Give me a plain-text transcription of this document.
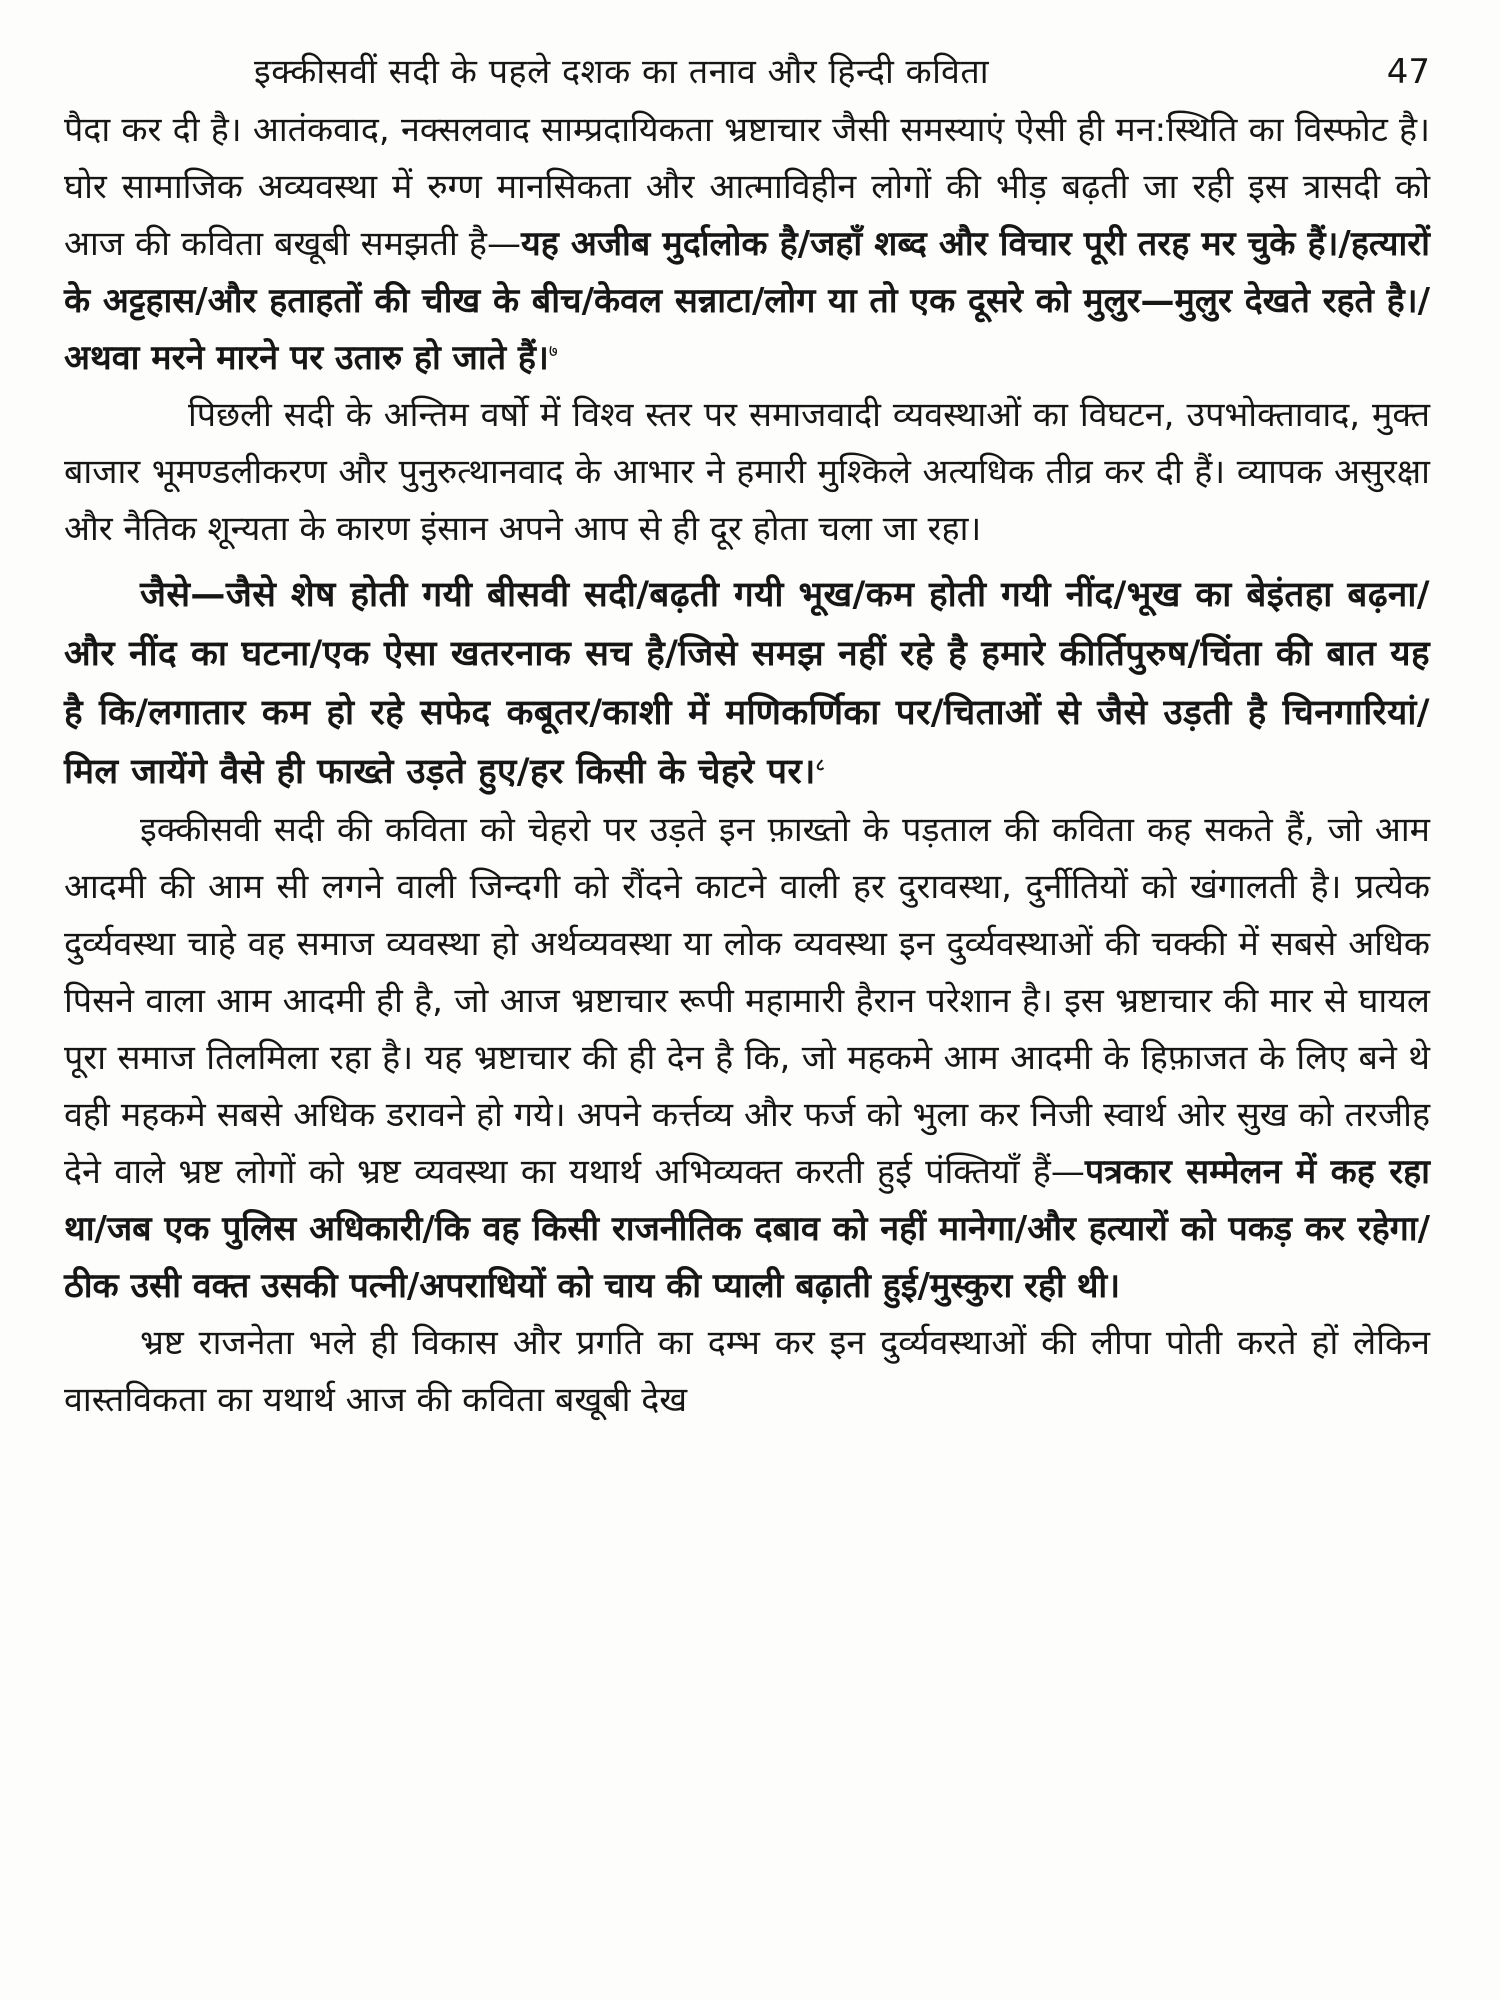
इक्कीसवीं सदी के पहले दशक का तनाव और हिन्दी कविता	47

पैदा कर दी है। आतंकवाद, नक्सलवाद साम्प्रदायिकता भ्रष्टाचार जैसी समस्याएं ऐसी ही मन:स्थिति का विस्फोट है। घोर सामाजिक अव्यवस्था में रुग्ण मानसिकता और आत्माविहीन लोगों की भीड़ बढ़ती जा रही इस त्रासदी को आज की कविता बखूबी समझती है—यह अजीब मुर्दालोक है/जहाँ शब्द और विचार पूरी तरह मर चुके हैं।/हत्यारों के अट्टहास/और हताहतों की चीख के बीच/केवल सन्नाटा/लोग या तो एक दूसरे को मुलुर—मुलुर देखते रहते है।/अथवा मरने मारने पर उतारु हो जाते हैं।$^७$

पिछली सदी के अन्तिम वर्षो में विश्व स्तर पर समाजवादी व्यवस्थाओं का विघटन, उपभोक्तावाद, मुक्त बाजार भूमण्डलीकरण और पुनुरुत्थानवाद के आभार ने हमारी मुश्किले अत्यधिक तीव्र कर दी हैं। व्यापक असुरक्षा और नैतिक शून्यता के कारण इंसान अपने आप से ही दूर होता चला जा रहा।

जैसे—जैसे शेष होती गयी बीसवी सदी/बढ़ती गयी भूख/कम होती गयी नींद/भूख का बेइंतहा बढ़ना/और नींद का घटना/एक ऐसा खतरनाक सच है/जिसे समझ नहीं रहे है हमारे कीर्तिपुरुष/चिंता की बात यह है कि/लगातार कम हो रहे सफेद कबूतर/काशी में मणिकर्णिका पर/चिताओं से जैसे उड़ती है चिनगारियां/मिल जायेंगे वैसे ही फाख्ते उड़ते हुए/हर किसी के चेहरे पर।$^८$

इक्कीसवी सदी की कविता को चेहरो पर उड़ते इन फ़ाख्तो के पड़ताल की कविता कह सकते हैं, जो आम आदमी की आम सी लगने वाली जिन्दगी को रौंदने काटने वाली हर दुरावस्था, दुर्नीतियों को खंगालती है। प्रत्येक दुर्व्यवस्था चाहे वह समाज व्यवस्था हो अर्थव्यवस्था या लोक व्यवस्था इन दुर्व्यवस्थाओं की चक्की में सबसे अधिक पिसने वाला आम आदमी ही है, जो आज भ्रष्टाचार रूपी महामारी हैरान परेशान है। इस भ्रष्टाचार की मार से घायल पूरा समाज तिलमिला रहा है। यह भ्रष्टाचार की ही देन है कि, जो महकमे आम आदमी के हिफ़ाजत के लिए बने थे वही महकमे सबसे अधिक डरावने हो गये। अपने कर्त्तव्य और फर्ज को भुला कर निजी स्वार्थ ओर सुख को तरजीह देने वाले भ्रष्ट लोगों को भ्रष्ट व्यवस्था का यथार्थ अभिव्यक्त करती हुई पंक्तियाँ हैं—पत्रकार सम्मेलन में कह रहा था/जब एक पुलिस अधिकारी/कि वह किसी राजनीतिक दबाव को नहीं मानेगा/और हत्यारों को पकड़ कर रहेगा/ठीक उसी वक्त उसकी पत्नी/अपराधियों को चाय की प्याली बढ़ाती हुई/मुस्कुरा रही थी।

भ्रष्ट राजनेता भले ही विकास और प्रगति का दम्भ कर इन दुर्व्यवस्थाओं की लीपा पोती करते हों लेकिन वास्तविकता का यथार्थ आज की कविता बखूबी देख
